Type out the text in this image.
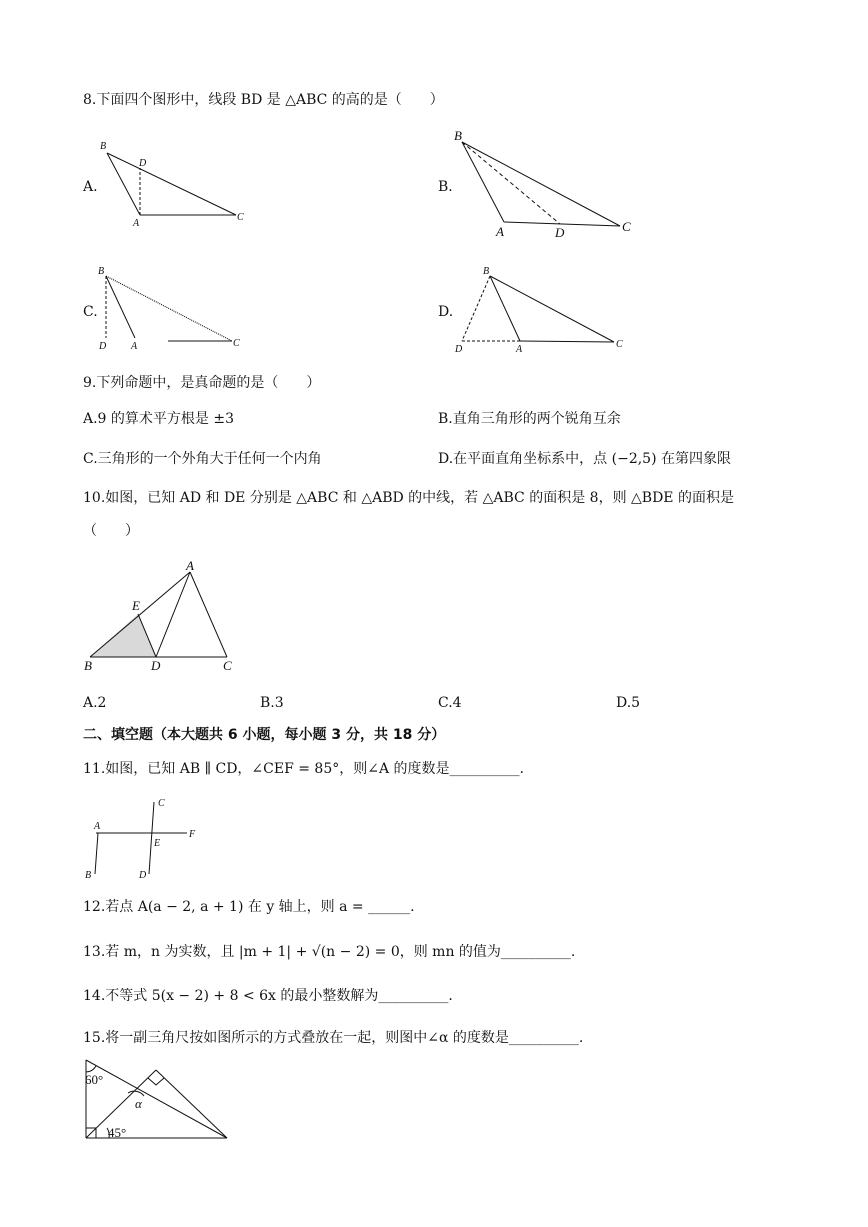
8.下面四个图形中，线段 BD 是 △ABC 的高的是（　　）
A.
B
D
A
C
B.
B
A	D	C
C.
B
D A	C
D.
B
D	A	C
9.下列命题中，是真命题的是（　　）
A.9 的算术平方根是 ±3	B.直角三角形的两个锐角互余
C.三角形的一个外角大于任何一个内角	D.在平面直角坐标系中，点 (−2,5) 在第四象限
10.如图，已知 AD 和 DE 分别是 △ABC 和 △ABD 的中线，若 △ABC 的面积是 8，则 △BDE 的面积是
（　　）
A
E
B	D	C
A.2	B.3	C.4	D.5
二、填空题（本大题共 6 小题，每小题 3 分，共 18 分）
11.如图，已知 AB ∥ CD，∠CEF = 85°，则∠A 的度数是__________.
A
B
C
D
E
F
12.若点 A(a − 2, a + 1) 在 y 轴上，则 a = ______.
13.若 m，n 为实数，且 |m + 1| + √(n − 2) = 0，则 mn 的值为__________.
14.不等式 5(x − 2) + 8 < 6x 的最小整数解为__________.
15.将一副三角尺按如图所示的方式叠放在一起，则图中∠α 的度数是__________.
60°
α
45°
